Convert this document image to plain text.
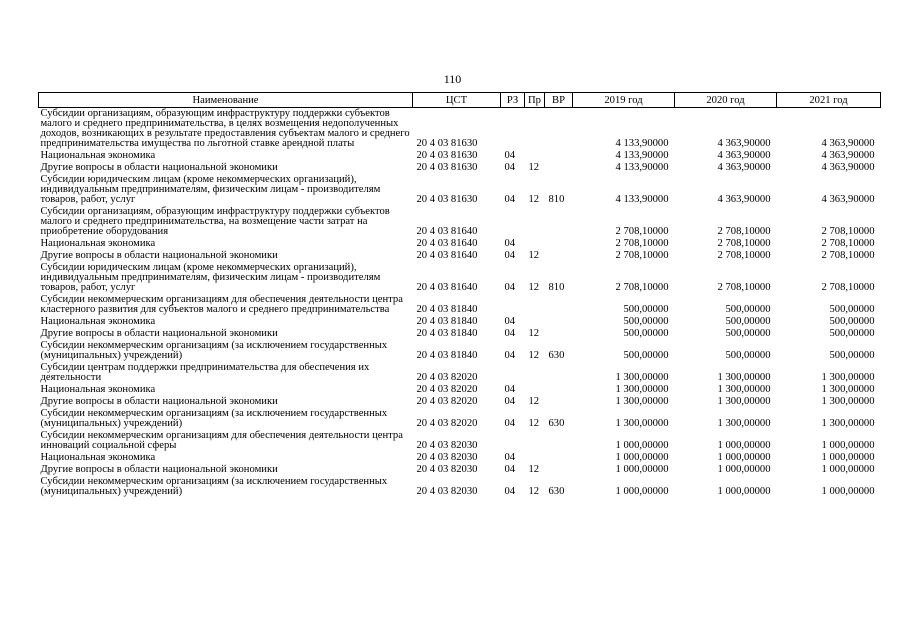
110
Наименование	ЦСТ	РЗ	Пр	ВР	2019 год	2020 год	2021 год
Субсидии организациям, образующим инфраструктуру поддержки субъектов малого и среднего предпринимательства, в целях возмещения недополученных доходов, возникающих в результате предоставления субъектам малого и среднего предпринимательства имущества по льготной ставке арендной платы	20 4 03 81630				4 133,90000	4 363,90000	4 363,90000
Национальная экономика	20 4 03 81630	04			4 133,90000	4 363,90000	4 363,90000
Другие вопросы в области национальной экономики	20 4 03 81630	04	12		4 133,90000	4 363,90000	4 363,90000
Субсидии юридическим лицам (кроме некоммерческих организаций), индивидуальным предпринимателям, физическим лицам - производителям товаров, работ, услуг	20 4 03 81630	04	12	810	4 133,90000	4 363,90000	4 363,90000
Субсидии организациям, образующим инфраструктуру поддержки субъектов малого и среднего предпринимательства, на возмещение части затрат на приобретение оборудования	20 4 03 81640				2 708,10000	2 708,10000	2 708,10000
Национальная экономика	20 4 03 81640	04			2 708,10000	2 708,10000	2 708,10000
Другие вопросы в области национальной экономики	20 4 03 81640	04	12		2 708,10000	2 708,10000	2 708,10000
Субсидии юридическим лицам (кроме некоммерческих организаций), индивидуальным предпринимателям, физическим лицам - производителям товаров, работ, услуг	20 4 03 81640	04	12	810	2 708,10000	2 708,10000	2 708,10000
Субсидии некоммерческим организациям для обеспечения деятельности центра кластерного развития для субъектов малого и среднего предпринимательства	20 4 03 81840				500,00000	500,00000	500,00000
Национальная экономика	20 4 03 81840	04			500,00000	500,00000	500,00000
Другие вопросы в области национальной экономики	20 4 03 81840	04	12		500,00000	500,00000	500,00000
Субсидии некоммерческим организациям (за исключением государственных (муниципальных) учреждений)	20 4 03 81840	04	12	630	500,00000	500,00000	500,00000
Субсидии центрам поддержки предпринимательства для обеспечения их деятельности	20 4 03 82020				1 300,00000	1 300,00000	1 300,00000
Национальная экономика	20 4 03 82020	04			1 300,00000	1 300,00000	1 300,00000
Другие вопросы в области национальной экономики	20 4 03 82020	04	12		1 300,00000	1 300,00000	1 300,00000
Субсидии некоммерческим организациям (за исключением государственных (муниципальных) учреждений)	20 4 03 82020	04	12	630	1 300,00000	1 300,00000	1 300,00000
Субсидии некоммерческим организациям для обеспечения деятельности центра инноваций социальной сферы	20 4 03 82030				1 000,00000	1 000,00000	1 000,00000
Национальная экономика	20 4 03 82030	04			1 000,00000	1 000,00000	1 000,00000
Другие вопросы в области национальной экономики	20 4 03 82030	04	12		1 000,00000	1 000,00000	1 000,00000
Субсидии некоммерческим организациям (за исключением государственных (муниципальных) учреждений)	20 4 03 82030	04	12	630	1 000,00000	1 000,00000	1 000,00000
